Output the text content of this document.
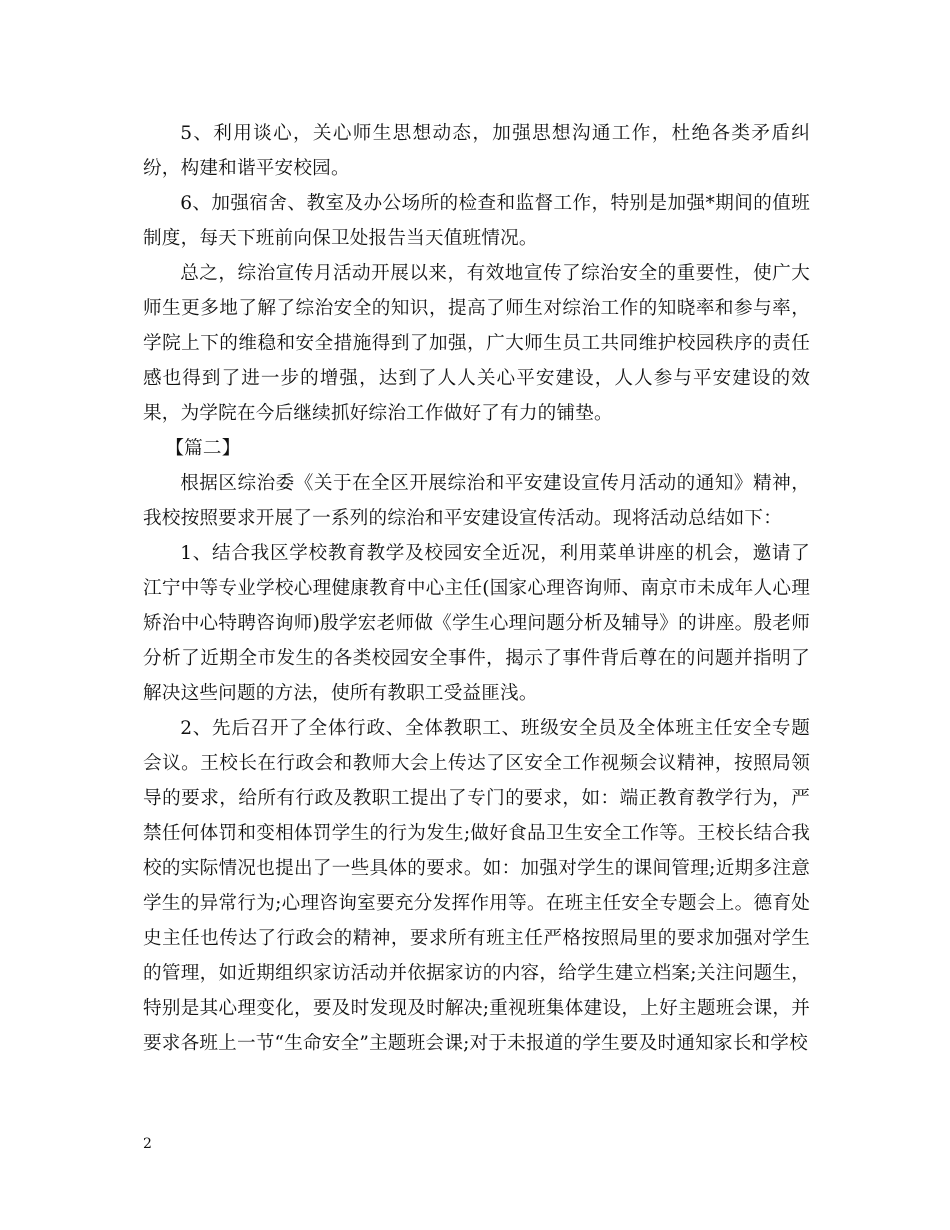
5、利用谈心，关心师生思想动态，加强思想沟通工作，杜绝各类矛盾纠纷，构建和谐平安校园。

6、加强宿舍、教室及办公场所的检查和监督工作，特别是加强*期间的值班制度，每天下班前向保卫处报告当天值班情况。

总之，综治宣传月活动开展以来，有效地宣传了综治安全的重要性，使广大师生更多地了解了综治安全的知识，提高了师生对综治工作的知晓率和参与率，学院上下的维稳和安全措施得到了加强，广大师生员工共同维护校园秩序的责任感也得到了进一步的增强，达到了人人关心平安建设，人人参与平安建设的效果，为学院在今后继续抓好综治工作做好了有力的铺垫。

【篇二】

根据区综治委《关于在全区开展综治和平安建设宣传月活动的通知》精神，我校按照要求开展了一系列的综治和平安建设宣传活动。现将活动总结如下：

1、结合我区学校教育教学及校园安全近况，利用菜单讲座的机会，邀请了江宁中等专业学校心理健康教育中心主任(国家心理咨询师、南京市未成年人心理矫治中心特聘咨询师)殷学宏老师做《学生心理问题分析及辅导》的讲座。殷老师分析了近期全市发生的各类校园安全事件，揭示了事件背后尊在的问题并指明了解决这些问题的方法，使所有教职工受益匪浅。

2、先后召开了全体行政、全体教职工、班级安全员及全体班主任安全专题会议。王校长在行政会和教师大会上传达了区安全工作视频会议精神，按照局领导的要求，给所有行政及教职工提出了专门的要求，如：端正教育教学行为，严禁任何体罚和变相体罚学生的行为发生;做好食品卫生安全工作等。王校长结合我校的实际情况也提出了一些具体的要求。如：加强对学生的课间管理;近期多注意学生的异常行为;心理咨询室要充分发挥作用等。在班主任安全专题会上。德育处史主任也传达了行政会的精神，要求所有班主任严格按照局里的要求加强对学生的管理，如近期组织家访活动并依据家访的内容，给学生建立档案;关注问题生，特别是其心理变化，要及时发现及时解决;重视班集体建设，上好主题班会课，并要求各班上一节“生命安全”主题班会课;对于未报道的学生要及时通知家长和学校

2
